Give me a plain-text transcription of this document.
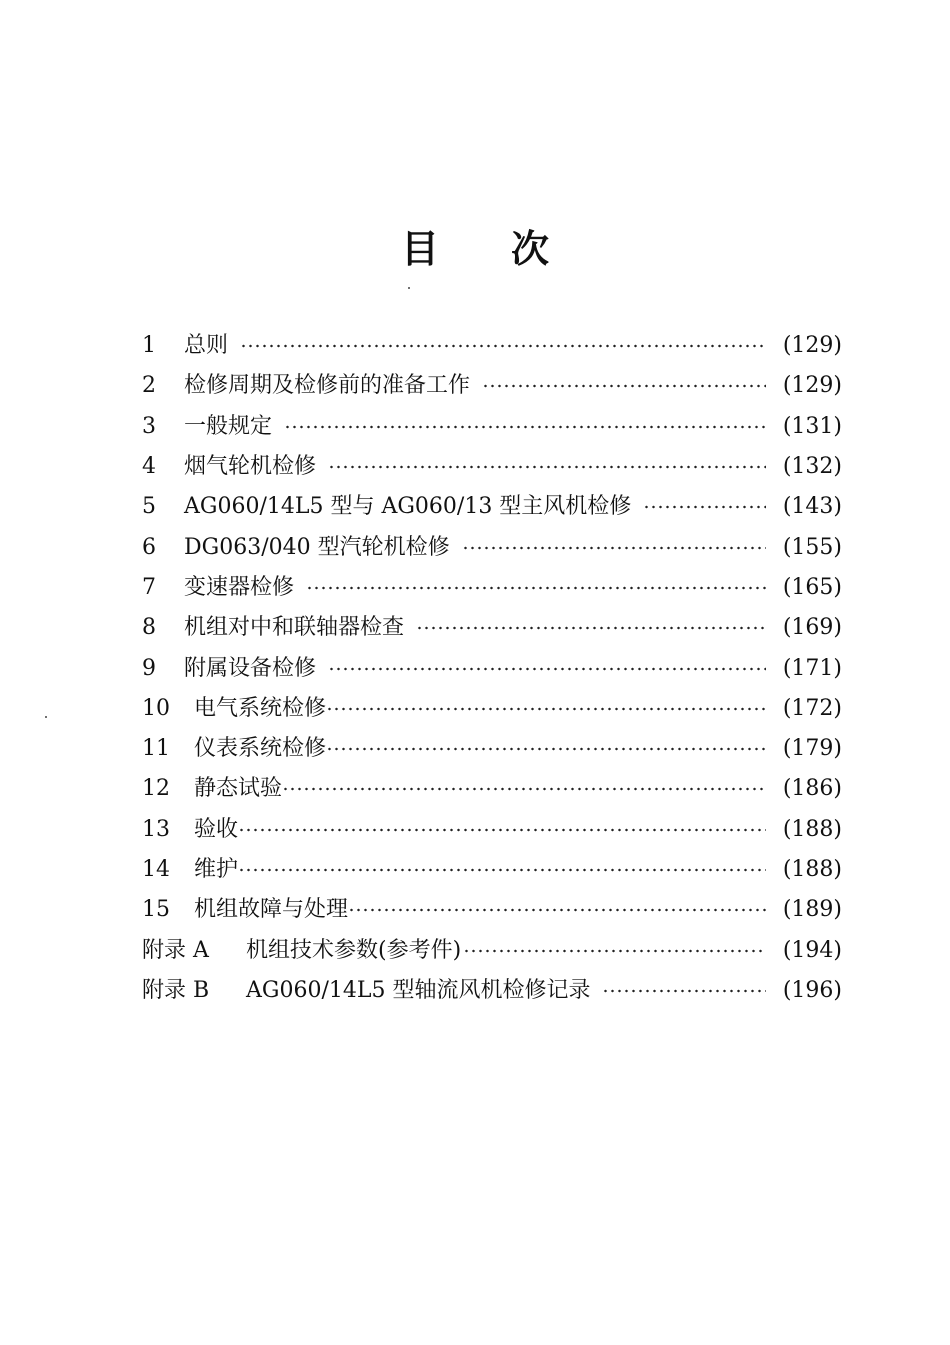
目 次
1	总则	(129)
2	检修周期及检修前的准备工作	(129)
3	一般规定	(131)
4	烟气轮机检修	(132)
5	AG060/14L5 型与 AG060/13 型主风机检修	(143)
6	DG063/040 型汽轮机检修	(155)
7	变速器检修	(165)
8	机组对中和联轴器检查	(169)
9	附属设备检修	(171)
10	电气系统检修	(172)
11	仪表系统检修	(179)
12	静态试验	(186)
13	验收	(188)
14	维护	(188)
15	机组故障与处理	(189)
附录 A	机组技术参数(参考件)	(194)
附录 B	AG060/14L5 型轴流风机检修记录	(196)
